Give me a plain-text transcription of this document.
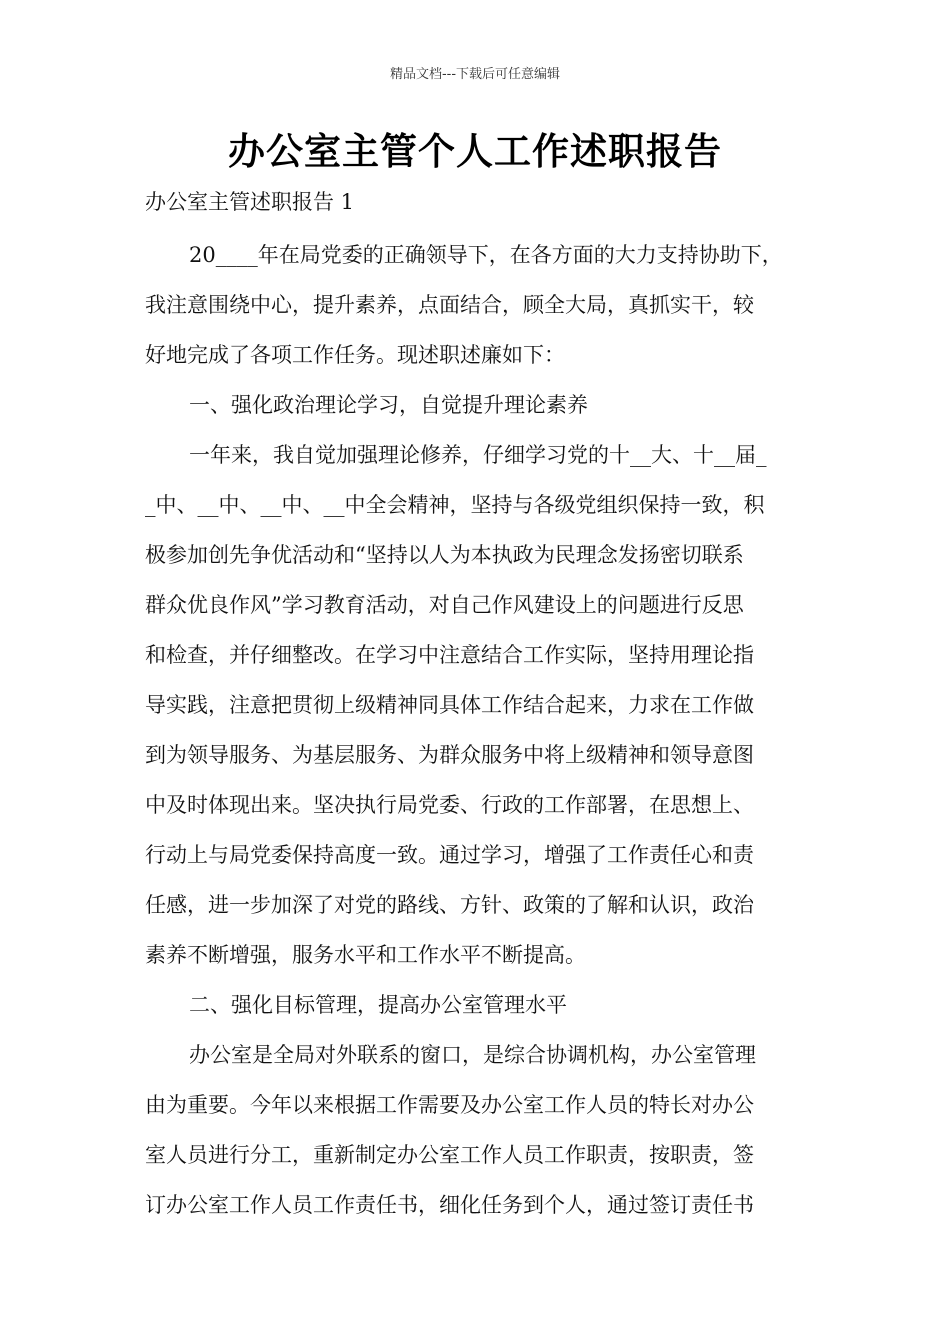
精品文档---下载后可任意编辑
办公室主管个人工作述职报告

办公室主管述职报告 1

20____年在局党委的正确领导下，在各方面的大力支持协助下，

我注意围绕中心，提升素养，点面结合，顾全大局，真抓实干，较

好地完成了各项工作任务。现述职述廉如下：

一、强化政治理论学习，自觉提升理论素养

一年来，我自觉加强理论修养，仔细学习党的十__大、十__届_

_中、__中、__中、__中全会精神，坚持与各级党组织保持一致，积

极参加创先争优活动和“坚持以人为本执政为民理念发扬密切联系

群众优良作风”学习教育活动，对自己作风建设上的问题进行反思

和检查，并仔细整改。在学习中注意结合工作实际，坚持用理论指

导实践，注意把贯彻上级精神同具体工作结合起来，力求在工作做

到为领导服务、为基层服务、为群众服务中将上级精神和领导意图

中及时体现出来。坚决执行局党委、行政的工作部署，在思想上、

行动上与局党委保持高度一致。通过学习，增强了工作责任心和责

任感，进一步加深了对党的路线、方针、政策的了解和认识，政治

素养不断增强，服务水平和工作水平不断提高。

二、强化目标管理，提高办公室管理水平

办公室是全局对外联系的窗口，是综合协调机构，办公室管理

由为重要。今年以来根据工作需要及办公室工作人员的特长对办公

室人员进行分工，重新制定办公室工作人员工作职责，按职责，签

订办公室工作人员工作责任书，细化任务到个人，通过签订责任书
